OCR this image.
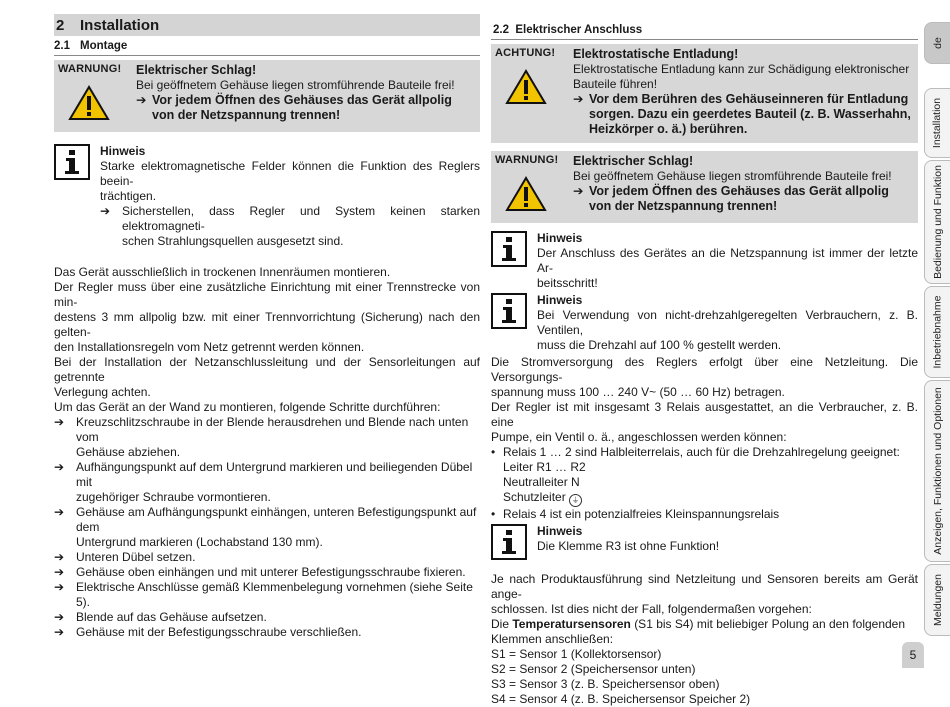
2	Installation
2.1 Montage
WARNUNG!	Elektrischer Schlag!
Bei geöffnetem Gehäuse liegen stromführende Bauteile frei!
➔ Vor jedem Öffnen des Gehäuses das Gerät allpolig
von der Netzspannung trennen!
Hinweis
Starke elektromagnetische Felder können die Funktion des Reglers beein-
trächtigen.
➔ Sicherstellen, dass Regler und System keinen starken elektromagneti-
schen Strahlungsquellen ausgesetzt sind.
Das Gerät ausschließlich in trockenen Innenräumen montieren.
Der Regler muss über eine zusätzliche Einrichtung mit einer Trennstrecke von min-
destens 3 mm allpolig bzw. mit einer Trennvorrichtung (Sicherung) nach den gelten-
den Installationsregeln vom Netz getrennt werden können.
Bei der Installation der Netzanschlussleitung und der Sensorleitungen auf getrennte
Verlegung achten.
Um das Gerät an der Wand zu montieren, folgende Schritte durchführen:
➔ Kreuzschlitzschraube in der Blende herausdrehen und Blende nach unten vom
Gehäuse abziehen.
➔ Aufhängungspunkt auf dem Untergrund markieren und beiliegenden Dübel mit
zugehöriger Schraube vormontieren.
➔ Gehäuse am Aufhängungspunkt einhängen, unteren Befestigungspunkt auf dem
Untergrund markieren (Lochabstand 130 mm).
➔ Unteren Dübel setzen.
➔ Gehäuse oben einhängen und mit unterer Befestigungsschraube fixieren.
➔ Elektrische Anschlüsse gemäß Klemmenbelegung vornehmen (siehe Seite 5).
➔ Blende auf das Gehäuse aufsetzen.
➔ Gehäuse mit der Befestigungsschraube verschließen.
2.2 Elektrischer Anschluss
ACHTUNG!	Elektrostatische Entladung!
Elektrostatische Entladung kann zur Schädigung elektronischer
Bauteile führen!
➔ Vor dem Berühren des Gehäuseinneren für Entladung
sorgen. Dazu ein geerdetes Bauteil (z. B. Wasserhahn,
Heizkörper o. ä.) berühren.
WARNUNG!	Elektrischer Schlag!
Bei geöffnetem Gehäuse liegen stromführende Bauteile frei!
➔ Vor jedem Öffnen des Gehäuses das Gerät allpolig
von der Netzspannung trennen!
Hinweis
Der Anschluss des Gerätes an die Netzspannung ist immer der letzte Ar-
beitsschritt!
Hinweis
Bei Verwendung von nicht-drehzahlgeregelten Verbrauchern, z. B. Ventilen,
muss die Drehzahl auf 100 % gestellt werden.
Die Stromversorgung des Reglers erfolgt über eine Netzleitung. Die Versorgungs-
spannung muss 100 … 240 V~ (50 … 60 Hz) betragen.
Der Regler ist mit insgesamt 3 Relais ausgestattet, an die Verbraucher, z. B. eine
Pumpe, ein Ventil o. ä., angeschlossen werden können:
• Relais 1 … 2 sind Halbleiterrelais, auch für die Drehzahlregelung geeignet:
Leiter R1 … R2
Neutralleiter N
Schutzleiter ⏚
• Relais 4 ist ein potenzialfreies Kleinspannungsrelais
Hinweis
Die Klemme R3 ist ohne Funktion!
Je nach Produktausführung sind Netzleitung und Sensoren bereits am Gerät ange-
schlossen. Ist dies nicht der Fall, folgendermaßen vorgehen:
Die Temperatursensoren (S1 bis S4) mit beliebiger Polung an den folgenden
Klemmen anschließen:
S1 = Sensor 1 (Kollektorsensor)
S2 = Sensor 2 (Speichersensor unten)
S3 = Sensor 3 (z. B. Speichersensor oben)
S4 = Sensor 4 (z. B. Speichersensor Speicher 2)
de
Installation
Bedienung und Funktion
Inbetriebnahme
Anzeigen, Funktionen und Optionen
Meldungen
5
